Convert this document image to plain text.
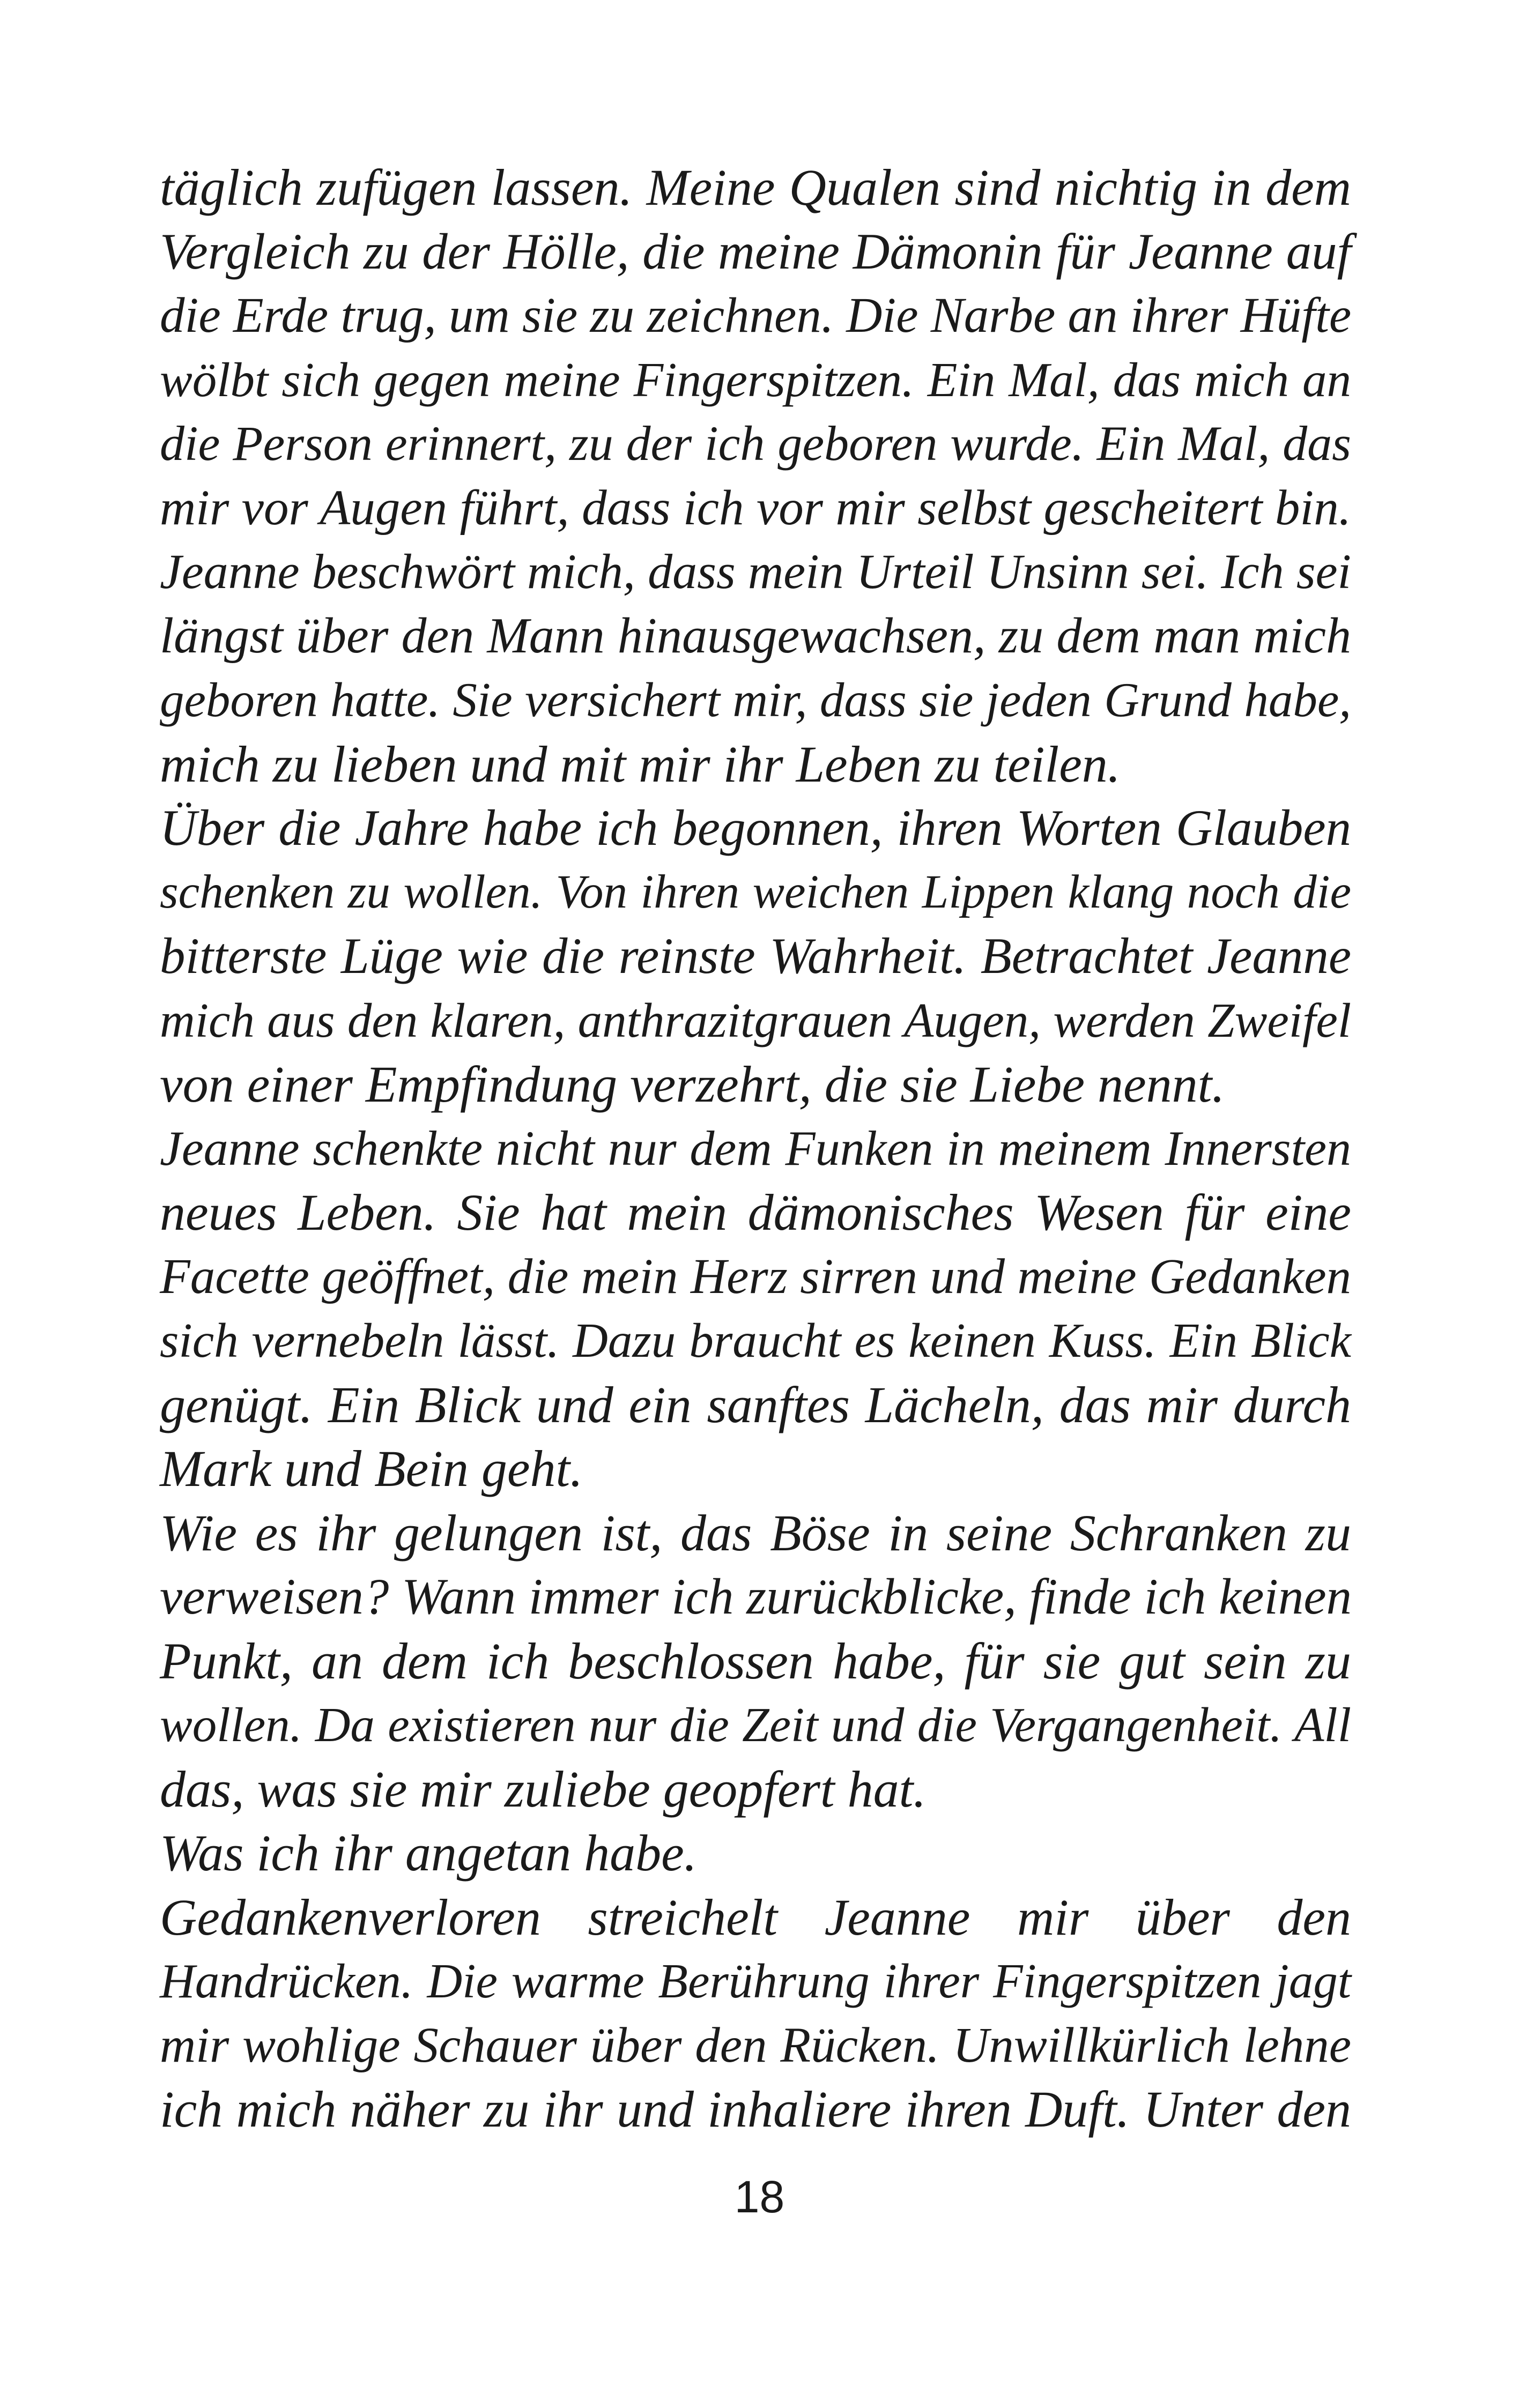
täglich zufügen lassen. Meine Qualen sind nichtig in dem
Vergleich zu der Hölle, die meine Dämonin für Jeanne auf
die Erde trug, um sie zu zeichnen. Die Narbe an ihrer Hüfte
wölbt sich gegen meine Fingerspitzen. Ein Mal, das mich an
die Person erinnert, zu der ich geboren wurde. Ein Mal, das
mir vor Augen führt, dass ich vor mir selbst gescheitert bin.
Jeanne beschwört mich, dass mein Urteil Unsinn sei. Ich sei
längst über den Mann hinausgewachsen, zu dem man mich
geboren hatte. Sie versichert mir, dass sie jeden Grund habe,
mich zu lieben und mit mir ihr Leben zu teilen.
Über die Jahre habe ich begonnen, ihren Worten Glauben
schenken zu wollen. Von ihren weichen Lippen klang noch die
bitterste Lüge wie die reinste Wahrheit. Betrachtet Jeanne
mich aus den klaren, anthrazitgrauen Augen, werden Zweifel
von einer Empfindung verzehrt, die sie Liebe nennt.
Jeanne schenkte nicht nur dem Funken in meinem Innersten
neues Leben. Sie hat mein dämonisches Wesen für eine
Facette geöffnet, die mein Herz sirren und meine Gedanken
sich vernebeln lässt. Dazu braucht es keinen Kuss. Ein Blick
genügt. Ein Blick und ein sanftes Lächeln, das mir durch
Mark und Bein geht.
Wie es ihr gelungen ist, das Böse in seine Schranken zu
verweisen? Wann immer ich zurückblicke, finde ich keinen
Punkt, an dem ich beschlossen habe, für sie gut sein zu
wollen. Da existieren nur die Zeit und die Vergangenheit. All
das, was sie mir zuliebe geopfert hat.
Was ich ihr angetan habe.
Gedankenverloren streichelt Jeanne mir über den
Handrücken. Die warme Berührung ihrer Fingerspitzen jagt
mir wohlige Schauer über den Rücken. Unwillkürlich lehne
ich mich näher zu ihr und inhaliere ihren Duft. Unter den
18
